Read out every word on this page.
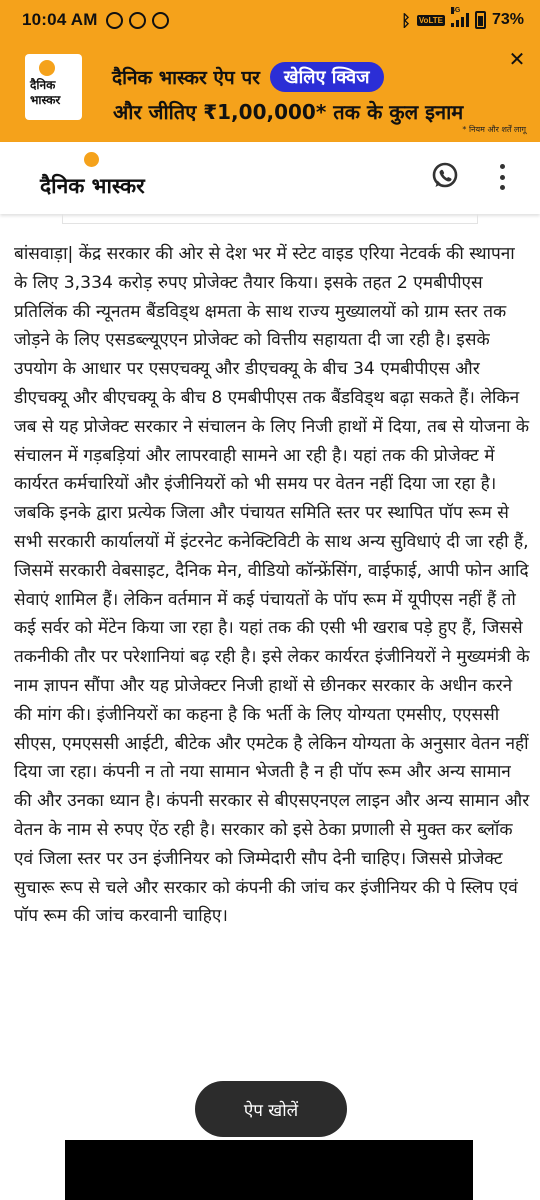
10:04 AM	ᛒ VoLTE
4G
73%
दैनिक भास्कर
दैनिक भास्कर ऐप पर	खेलिए क्विज
और जीतिए ₹1,00,000* तक के कुल इनाम
* नियम और शर्तें लागू
✕
दैनिक भास्कर

बांसवाड़ा| केंद्र सरकार की ओर से देश भर में स्टेट वाइड एरिया नेटवर्क की स्थापना के लिए 3,334 करोड़ रुपए प्रोजेक्ट तैयार किया। इसके तहत 2 एमबीपीएस प्रतिलिंक की न्यूनतम बैंडविड्थ क्षमता के साथ राज्य मुख्यालयों को ग्राम स्तर तक जोड़ने के लिए एसडब्ल्यूएएन प्रोजेक्ट को वित्तीय सहायता दी जा रही है। इसके उपयोग के आधार पर एसएचक्यू और डीएचक्यू के बीच 34 एमबीपीएस और डीएचक्यू और बीएचक्यू के बीच 8 एमबीपीएस तक बैंडविड्थ बढ़ा सकते हैं। लेकिन जब से यह प्रोजेक्ट सरकार ने संचालन के लिए निजी हाथों में दिया, तब से योजना के संचालन में गड़बड़ियां और लापरवाही सामने आ रही है। यहां तक की प्रोजेक्ट में कार्यरत कर्मचारियों और इंजीनियरों को भी समय पर वेतन नहीं दिया जा रहा है। जबकि इनके द्वारा प्रत्येक जिला और पंचायत समिति स्तर पर स्थापित पॉप रूम से सभी सरकारी कार्यालयों में इंटरनेट कनेक्टिविटी के साथ अन्य सुविधाएं दी जा रही हैं, जिसमें सरकारी वेबसाइट, दैनिक मेन, वीडियो कॉन्फ्रेंसिंग, वाईफाई, आपी फोन आदि सेवाएं शामिल हैं। लेकिन वर्तमान में कई पंचायतों के पॉप रूम में यूपीएस नहीं हैं तो कई सर्वर को मेंटेन किया जा रहा है। यहां तक की एसी भी खराब पड़े हुए हैं, जिससे तकनीकी तौर पर परेशानियां बढ़ रही है। इसे लेकर कार्यरत इंजीनियरों ने मुख्यमंत्री के नाम ज्ञापन सौंपा और यह प्रोजेक्टर निजी हाथों से छीनकर सरकार के अधीन करने की मांग की। इंजीनियरों का कहना है कि भर्ती के लिए योग्यता एमसीए, एएससी सीएस, एमएससी आईटी, बीटेक और एमटेक है लेकिन योग्यता के अनुसार वेतन नहीं दिया जा रहा। कंपनी न तो नया सामान भेजती है न ही पॉप रूम और अन्य सामान की और उनका ध्यान है। कंपनी सरकार से बीएसएनएल लाइन और अन्य सामान और वेतन के नाम से रुपए ऐंठ रही है। सरकार को इसे ठेका प्रणाली से मुक्त कर ब्लॉक एवं जिला स्तर पर उन इंजीनियर को जिम्मेदारी सौप देनी चाहिए। जिससे प्रोजेक्ट सुचारू रूप से चले और सरकार को कंपनी की जांच कर इंजीनियर की पे स्लिप एवं पॉप रूम की जांच करवानी चाहिए।

ऐप खोलें
